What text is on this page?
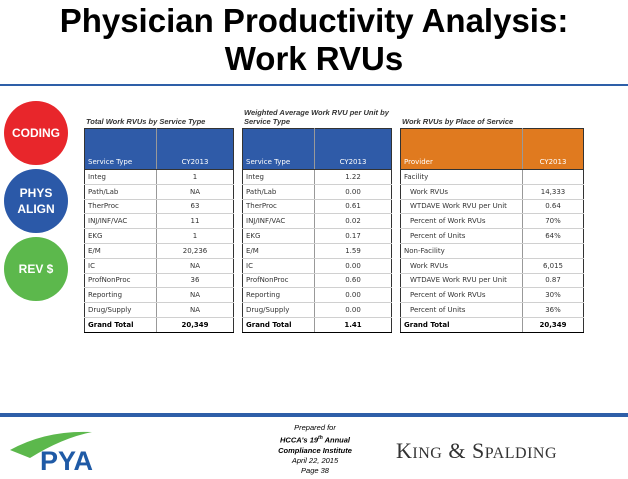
Physician Productivity Analysis:
Work RVUs
CODING
PHYS
ALIGN
REV $
Total Work RVUs by Service Type
Service Type	CY2013
Integ	1
Path/Lab	NA
TherProc	63
INJ/INF/VAC	11
EKG	1
E/M	20,236
IC	NA
ProfNonProc	36
Reporting	NA
Drug/Supply	NA
Grand Total	20,349
Weighted Average Work RVU per Unit by Service Type
Service Type	CY2013
Integ	1.22
Path/Lab	0.00
TherProc	0.61
INJ/INF/VAC	0.02
EKG	0.17
E/M	1.59
IC	0.00
ProfNonProc	0.60
Reporting	0.00
Drug/Supply	0.00
Grand Total	1.41
Work RVUs by Place of Service
Provider	CY2013
Facility	
Work RVUs	14,333
WTDAVE Work RVU per Unit	0.64
Percent of Work RVUs	70%
Percent of Units	64%
Non-Facility	
Work RVUs	6,015
WTDAVE Work RVU per Unit	0.87
Percent of Work RVUs	30%
Percent of Units	36%
Grand Total	20,349
PYA
Prepared for
HCCA's 19th Annual
Compliance Institute
April 22, 2015
Page 38
KING & SPALDING
